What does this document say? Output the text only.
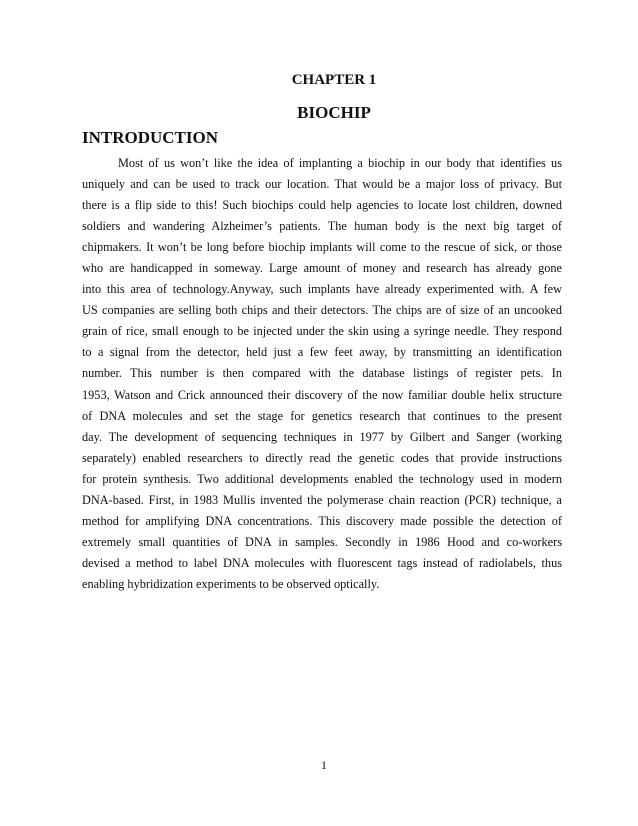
CHAPTER 1
BIOCHIP
INTRODUCTION
Most of us won’t like the idea of implanting a biochip in our body that identifies us
uniquely and can be used to track our location. That would be a major loss of privacy. But
there is a flip side to this! Such biochips could help agencies to locate lost children, downed
soldiers and wandering Alzheimer’s patients. The human body is the next big target of
chipmakers. It won’t be long before biochip implants will come to the rescue of sick, or those
who are handicapped in someway. Large amount of money and research has already gone
into this area of technology.Anyway, such implants have already experimented with. A few
US companies are selling both chips and their detectors. The chips are of size of an uncooked
grain of rice, small enough to be injected under the skin using a syringe needle. They respond
to a signal from the detector, held just a few feet away, by transmitting an identification
number. This number is then compared with the database listings of register pets. In
1953, Watson and Crick announced their discovery of the now familiar double helix structure
of DNA molecules and set the stage for genetics research that continues to the present
day. The development of sequencing techniques in 1977 by Gilbert and Sanger (working
separately) enabled researchers to directly read the genetic codes that provide instructions
for protein synthesis. Two additional developments enabled the technology used in modern
DNA-based. First, in 1983 Mullis invented the polymerase chain reaction (PCR) technique, a
method for amplifying DNA concentrations. This discovery made possible the detection of
extremely small quantities of DNA in samples. Secondly in 1986 Hood and co-workers
devised a method to label DNA molecules with fluorescent tags instead of radiolabels, thus
enabling hybridization experiments to be observed optically.
1
